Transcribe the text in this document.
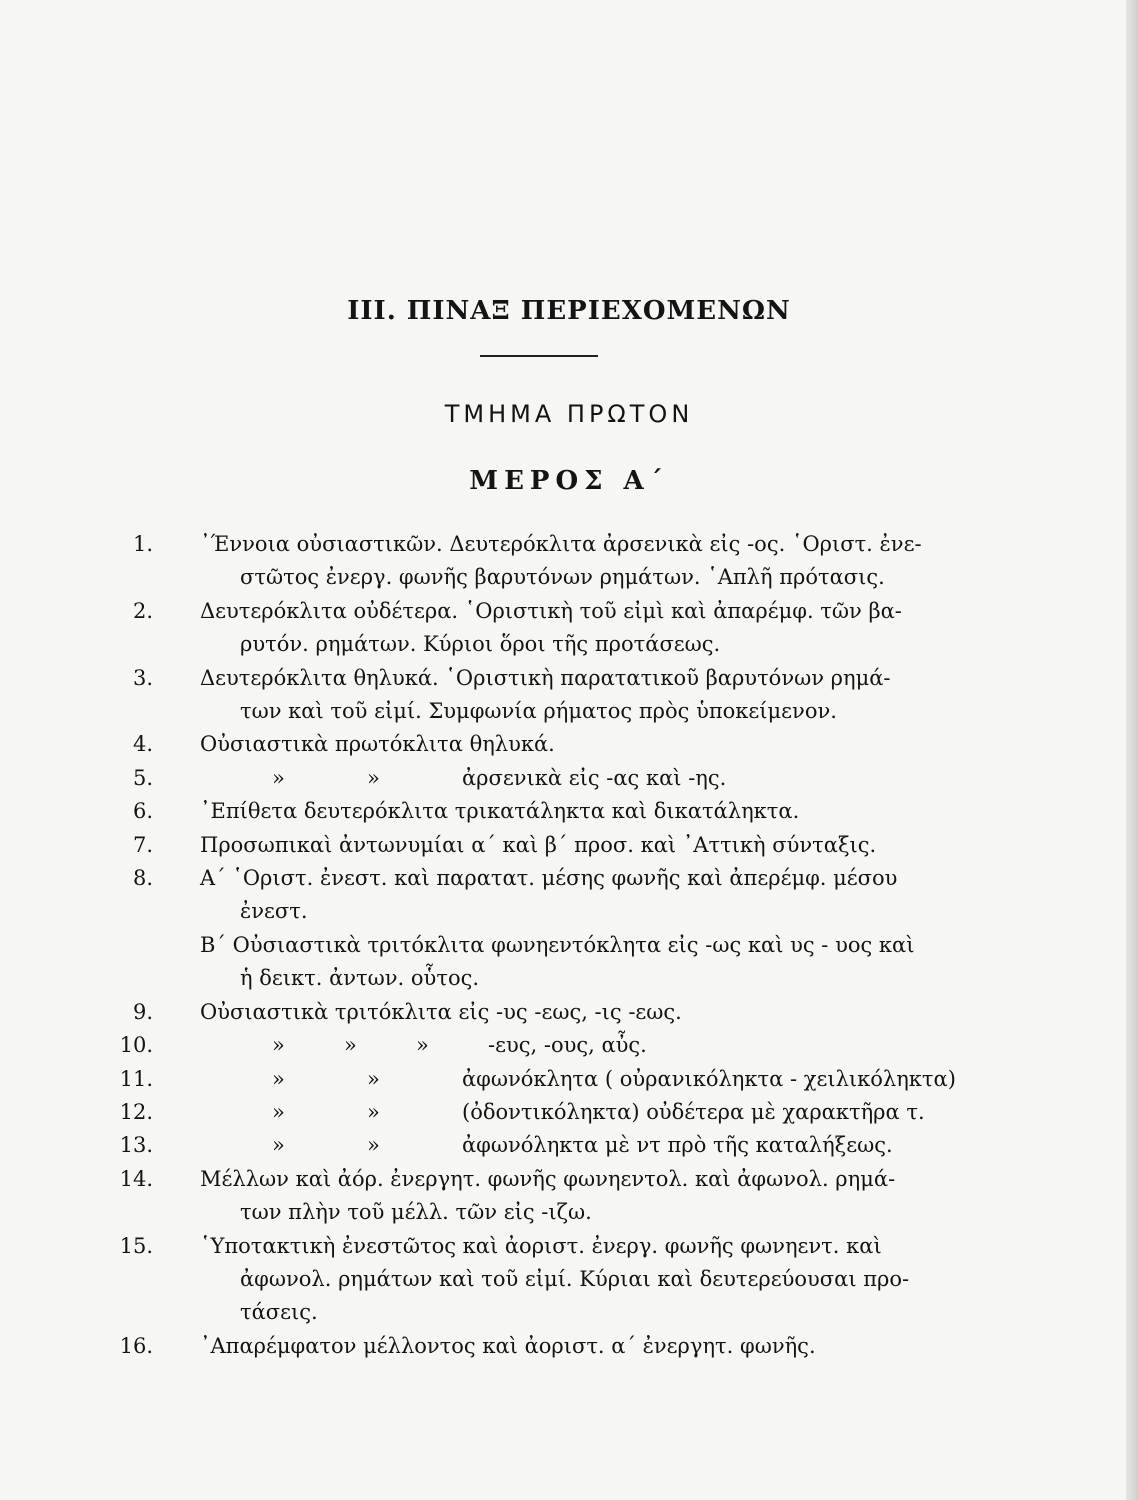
III. ΠΙΝΑΞ ΠΕΡΙΕΧΟΜΕΝΩΝ
ΤΜΗΜΑ ΠΡΩΤΟΝ
ΜΕΡΟΣ Α΄
1. ᾿Έννοια οὐσιαστικῶν. Δευτερόκλιτα ἀρσενικὰ εἰς -ος. ῾Οριστ. ἐνε-
στῶτος ἐνεργ. φωνῆς βαρυτόνων ρημάτων. ῾Απλῆ πρότασις.
2. Δευτερόκλιτα οὐδέτερα. ῾Οριστικὴ τοῦ εἰμὶ καὶ ἀπαρέμφ. τῶν βα-
ρυτόν. ρημάτων. Κύριοι ὅροι τῆς προτάσεως.
3. Δευτερόκλιτα θηλυκά. ῾Οριστικὴ παρατατικοῦ βαρυτόνων ρημά-
των καὶ τοῦ εἰμί. Συμφωνία ρήματος πρὸς ὑποκείμενον.
4. Οὐσιαστικὰ πρωτόκλιτα θηλυκά.
5.	»	»	ἀρσενικὰ εἰς -ας καὶ -ης.
6. ᾿Επίθετα δευτερόκλιτα τρικατάληκτα καὶ δικατάληκτα.
7. Προσωπικαὶ ἀντωνυμίαι α΄ καὶ β΄ προσ. καὶ ᾿Αττικὴ σύνταξις.
8. Α΄ ῾Οριστ. ἐνεστ. καὶ παρατατ. μέσης φωνῆς καὶ ἀπερέμφ. μέσου
ἐνεστ.
Β΄ Οὐσιαστικὰ τριτόκλιτα φωνηεντόκλητα εἰς -ως καὶ υς - υος καὶ
ἡ δεικτ. ἀντων. οὗτος.
9. Οὐσιαστικὰ τριτόκλιτα εἰς -υς -εως, -ις -εως.
10.	»	»	»	-ευς, -ους, αὖς.
11.	»	»	ἀφωνόκλητα ( οὐρανικόληκτα - χειλικόληκτα)
12.	»	»	(ὀδοντικόληκτα) οὐδέτερα μὲ χαρακτῆρα τ.
13.	»	»	ἀφωνόληκτα μὲ ντ πρὸ τῆς καταλήξεως.
14. Μέλλων καὶ ἀόρ. ἐνεργητ. φωνῆς φωνηεντολ. καὶ ἀφωνολ. ρημά-
των πλὴν τοῦ μέλλ. τῶν εἰς -ιζω.
15. ῾Υποτακτικὴ ἐνεστῶτος καὶ ἀοριστ. ἐνεργ. φωνῆς φωνηεντ. καὶ
ἀφωνολ. ρημάτων καὶ τοῦ εἰμί. Κύριαι καὶ δευτερεύουσαι προ-
τάσεις.
16. ᾿Απαρέμφατον μέλλοντος καὶ ἀοριστ. α΄ ἐνεργητ. φωνῆς.
